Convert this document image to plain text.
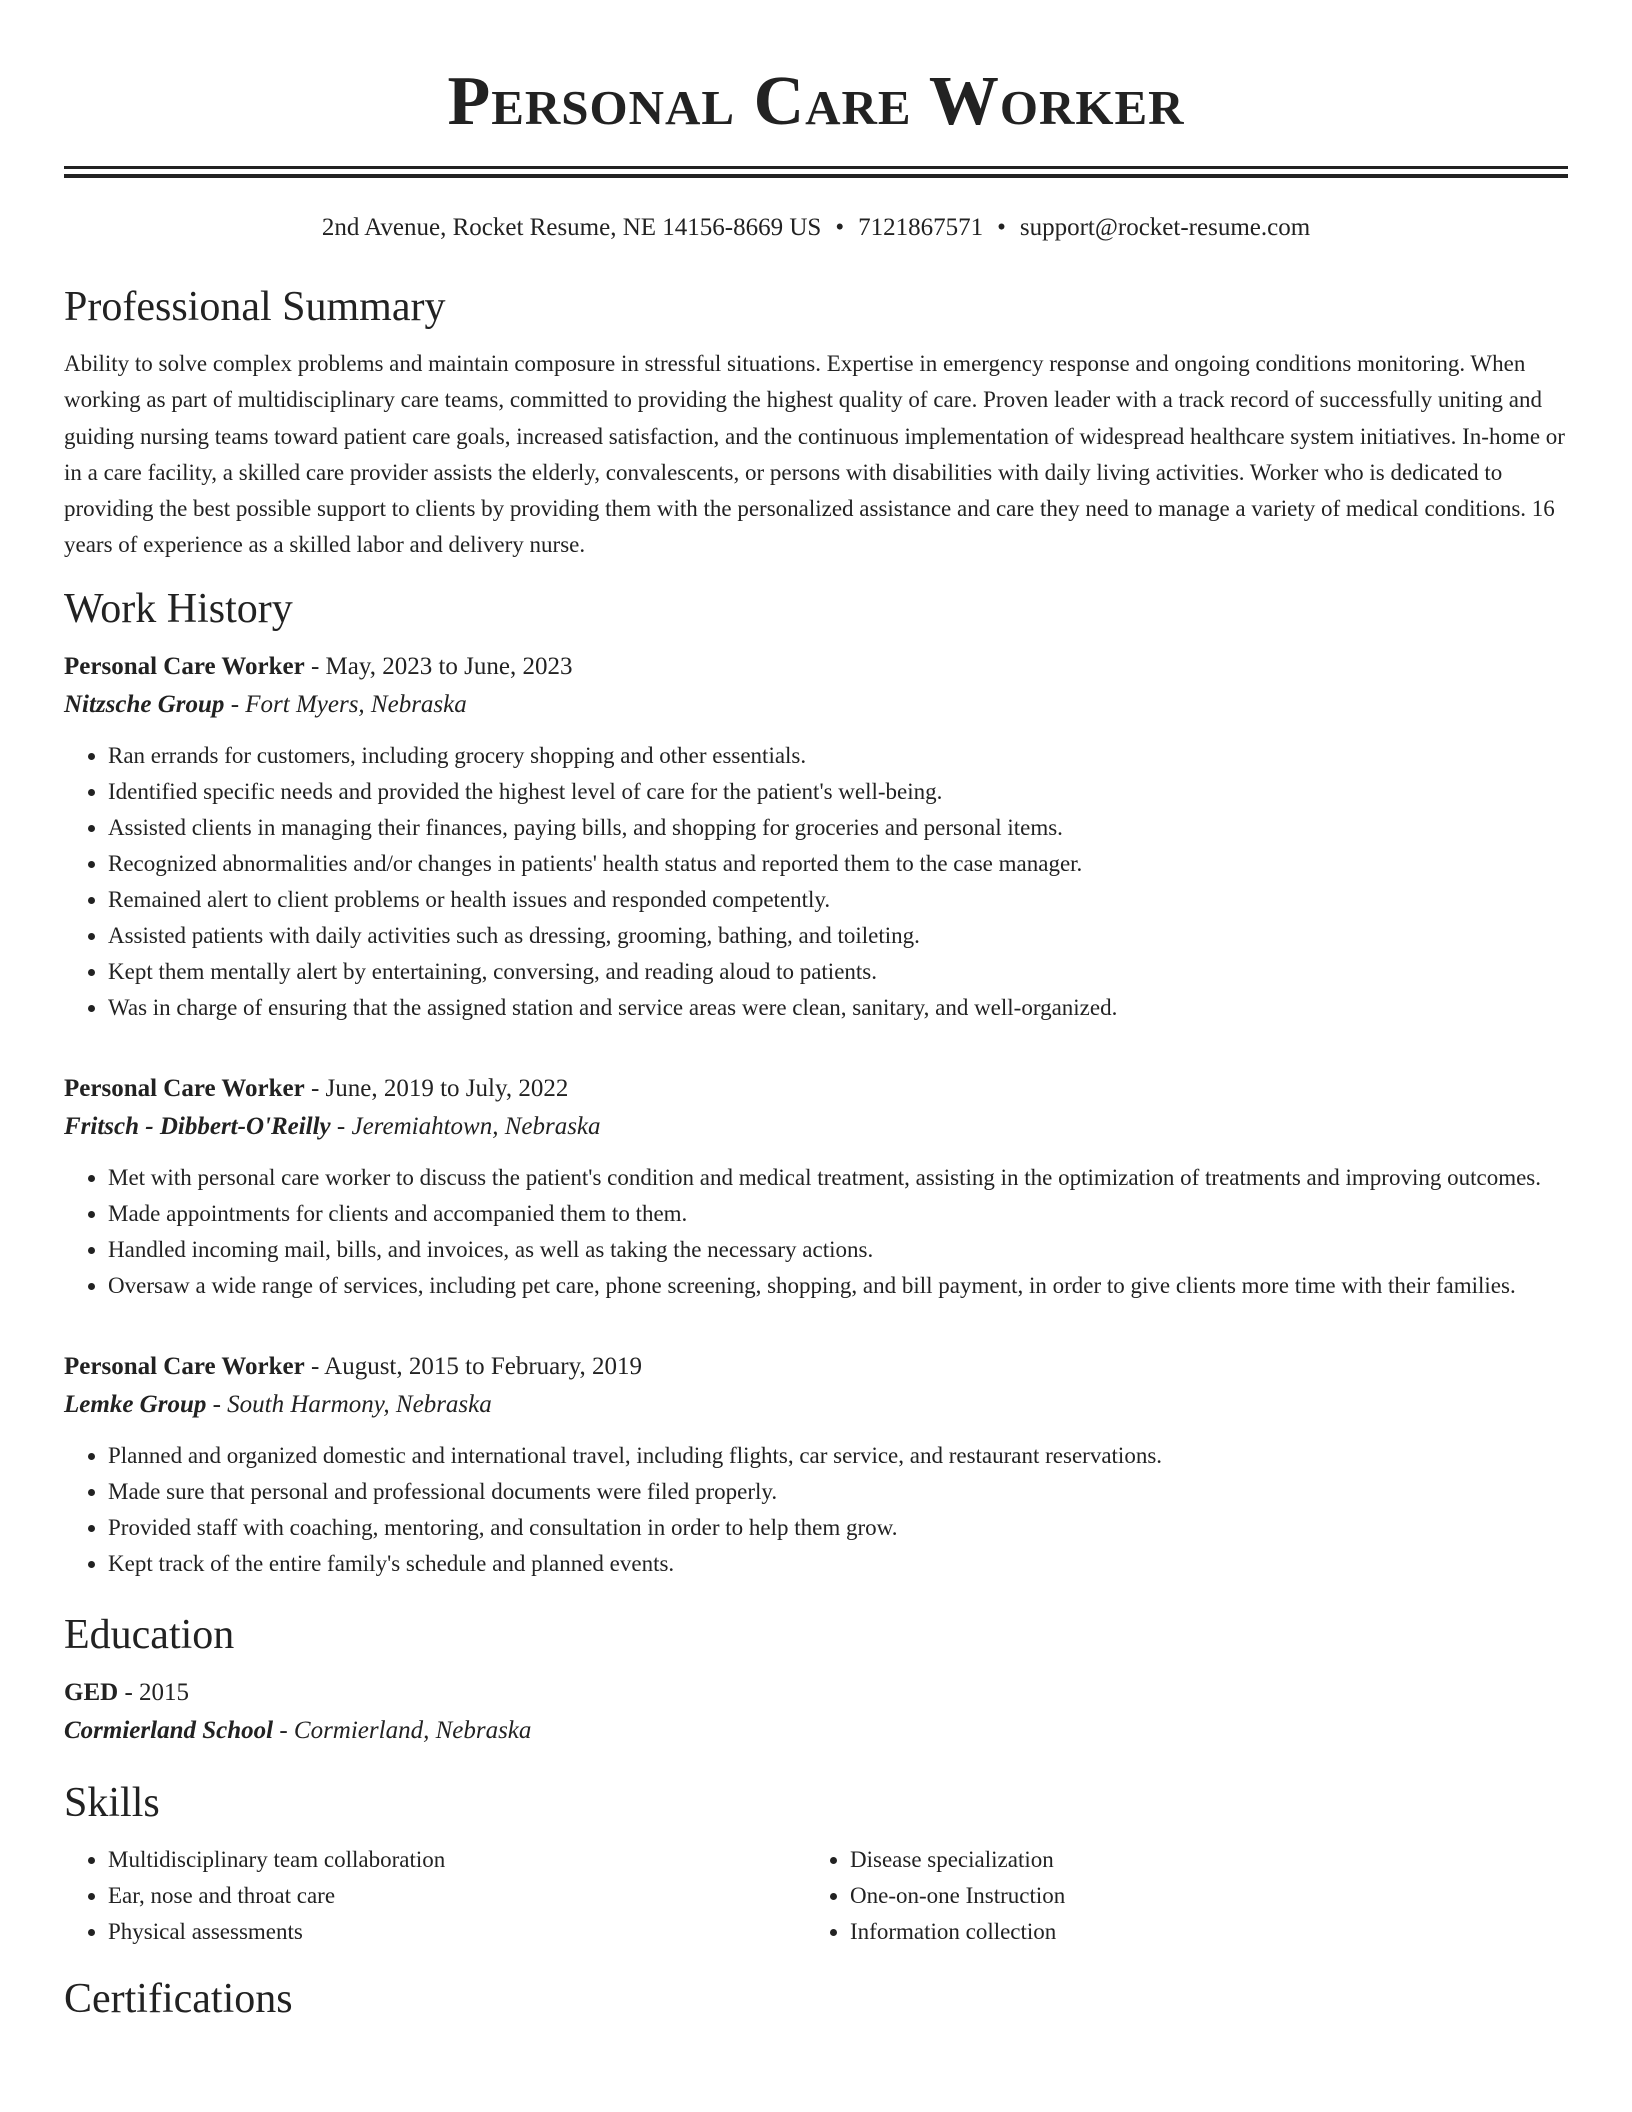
Personal Care Worker
2nd Avenue, Rocket Resume, NE 14156-8669 US • 7121867571 • support@rocket-resume.com
Professional Summary
Ability to solve complex problems and maintain composure in stressful situations. Expertise in emergency response and ongoing conditions monitoring. When working as part of multidisciplinary care teams, committed to providing the highest quality of care. Proven leader with a track record of successfully uniting and guiding nursing teams toward patient care goals, increased satisfaction, and the continuous implementation of widespread healthcare system initiatives. In-home or in a care facility, a skilled care provider assists the elderly, convalescents, or persons with disabilities with daily living activities. Worker who is dedicated to providing the best possible support to clients by providing them with the personalized assistance and care they need to manage a variety of medical conditions. 16 years of experience as a skilled labor and delivery nurse.
Work History
Personal Care Worker - May, 2023 to June, 2023
Nitzsche Group - Fort Myers, Nebraska
• Ran errands for customers, including grocery shopping and other essentials.
• Identified specific needs and provided the highest level of care for the patient's well-being.
• Assisted clients in managing their finances, paying bills, and shopping for groceries and personal items.
• Recognized abnormalities and/or changes in patients' health status and reported them to the case manager.
• Remained alert to client problems or health issues and responded competently.
• Assisted patients with daily activities such as dressing, grooming, bathing, and toileting.
• Kept them mentally alert by entertaining, conversing, and reading aloud to patients.
• Was in charge of ensuring that the assigned station and service areas were clean, sanitary, and well-organized.
Personal Care Worker - June, 2019 to July, 2022
Fritsch - Dibbert-O'Reilly - Jeremiahtown, Nebraska
• Met with personal care worker to discuss the patient's condition and medical treatment, assisting in the optimization of treatments and improving outcomes.
• Made appointments for clients and accompanied them to them.
• Handled incoming mail, bills, and invoices, as well as taking the necessary actions.
• Oversaw a wide range of services, including pet care, phone screening, shopping, and bill payment, in order to give clients more time with their families.
Personal Care Worker - August, 2015 to February, 2019
Lemke Group - South Harmony, Nebraska
• Planned and organized domestic and international travel, including flights, car service, and restaurant reservations.
• Made sure that personal and professional documents were filed properly.
• Provided staff with coaching, mentoring, and consultation in order to help them grow.
• Kept track of the entire family's schedule and planned events.
Education
GED - 2015
Cormierland School - Cormierland, Nebraska
Skills
• Multidisciplinary team collaboration
• Ear, nose and throat care
• Physical assessments
• Disease specialization
• One-on-one Instruction
• Information collection
Certifications
